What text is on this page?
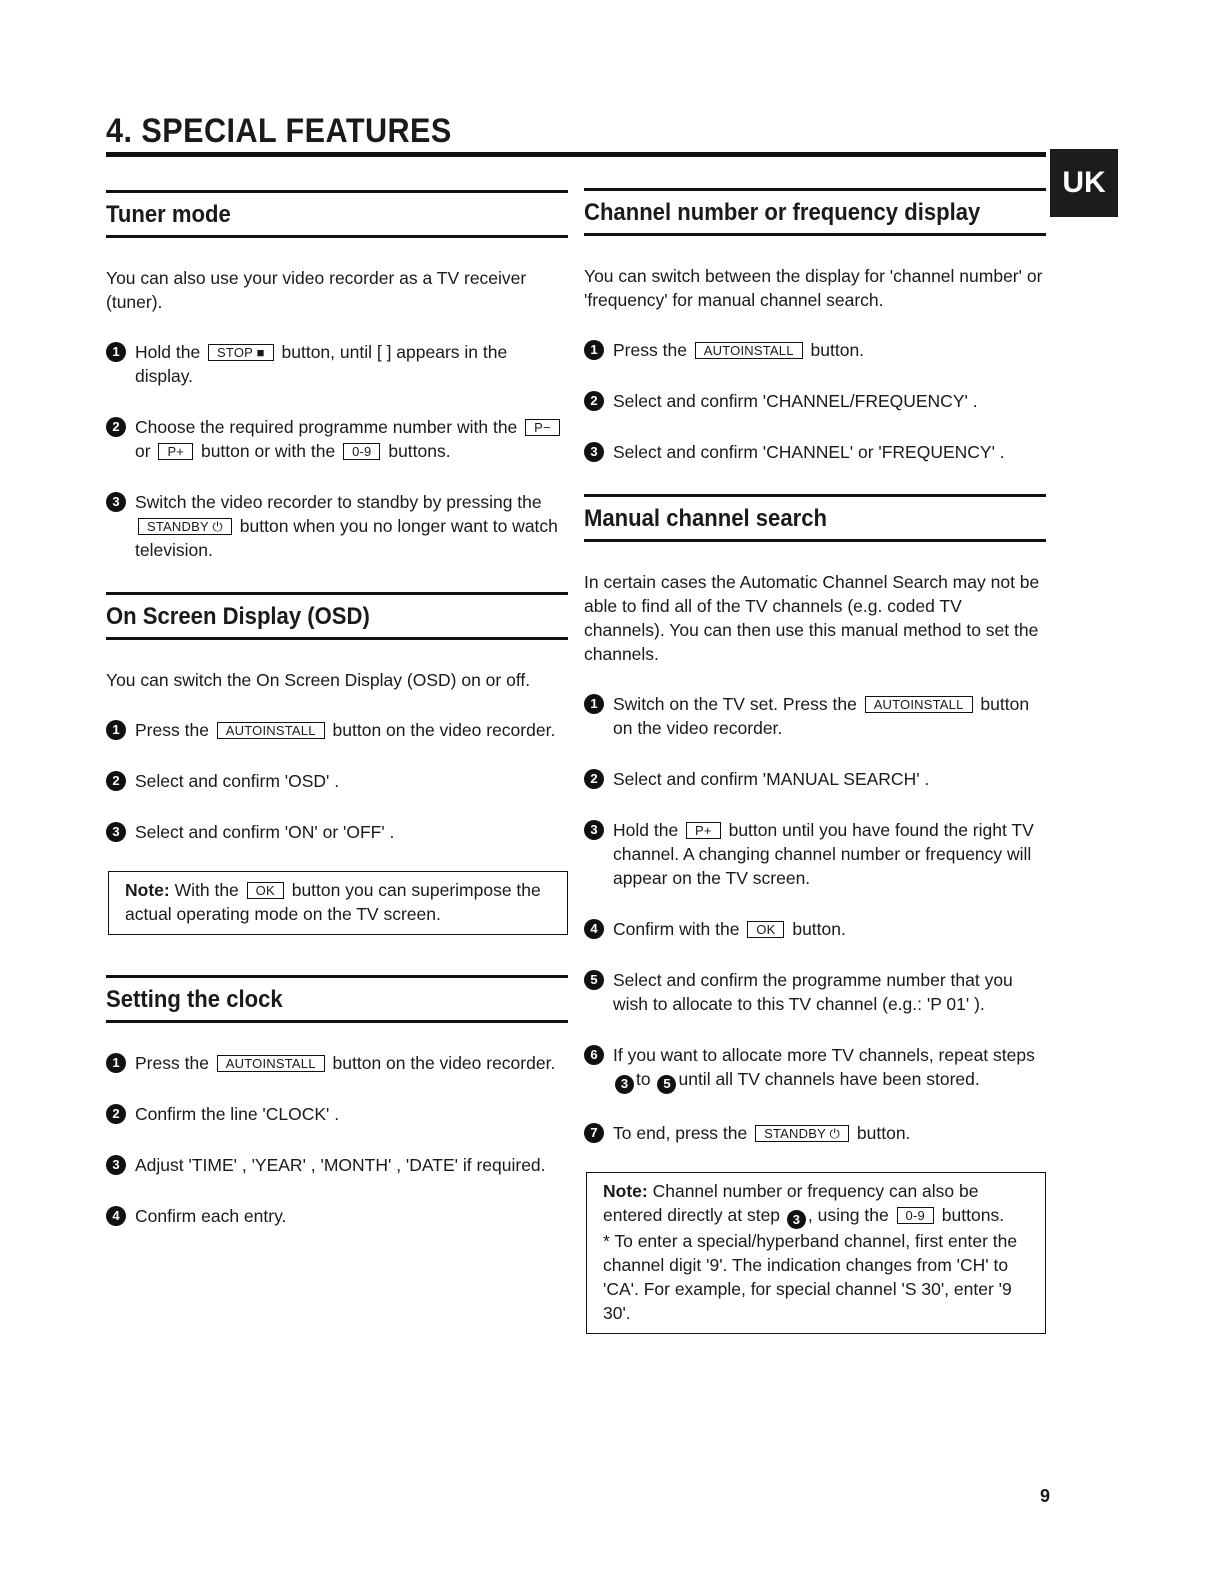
4. SPECIAL FEATURES
UK
Tuner mode

You can also use your video recorder as a TV receiver (tuner).

1 Hold the STOP ■ button, until [ ] appears in the display.
2 Choose the required programme number with the P− or P+ button or with the 0-9 buttons.
3 Switch the video recorder to standby by pressing the STANDBY ⏻ button when you no longer want to watch television.
On Screen Display (OSD)

You can switch the On Screen Display (OSD) on or off.

1 Press the AUTOINSTALL button on the video recorder.
2 Select and confirm 'OSD' .
3 Select and confirm 'ON' or 'OFF' .
Note: With the OK button you can superimpose the actual operating mode on the TV screen.
Setting the clock
1 Press the AUTOINSTALL button on the video recorder.
2 Confirm the line 'CLOCK' .
3 Adjust 'TIME' , 'YEAR' , 'MONTH' , 'DATE' if required.
4 Confirm each entry.
Channel number or frequency display

You can switch between the display for 'channel number' or 'frequency' for manual channel search.

1 Press the AUTOINSTALL button.
2 Select and confirm 'CHANNEL/FREQUENCY' .
3 Select and confirm 'CHANNEL' or 'FREQUENCY' .
Manual channel search

In certain cases the Automatic Channel Search may not be able to find all of the TV channels (e.g. coded TV channels). You can then use this manual method to set the channels.

1 Switch on the TV set. Press the AUTOINSTALL button on the video recorder.
2 Select and confirm 'MANUAL SEARCH' .
3 Hold the P+ button until you have found the right TV channel. A changing channel number or frequency will appear on the TV screen.
4 Confirm with the OK button.
5 Select and confirm the programme number that you wish to allocate to this TV channel (e.g.: 'P 01' ).
6 If you want to allocate more TV channels, repeat steps3 to 5 until all TV channels have been stored.
7 To end, press the STANDBY ⏻ button.
Note: Channel number or frequency can also be entered directly at step 3 , using the 0-9 buttons.
* To enter a special/hyperband channel, first enter the channel digit '9'. The indication changes from 'CH' to 'CA'. For example, for special channel 'S 30', enter '9 30'.
9
